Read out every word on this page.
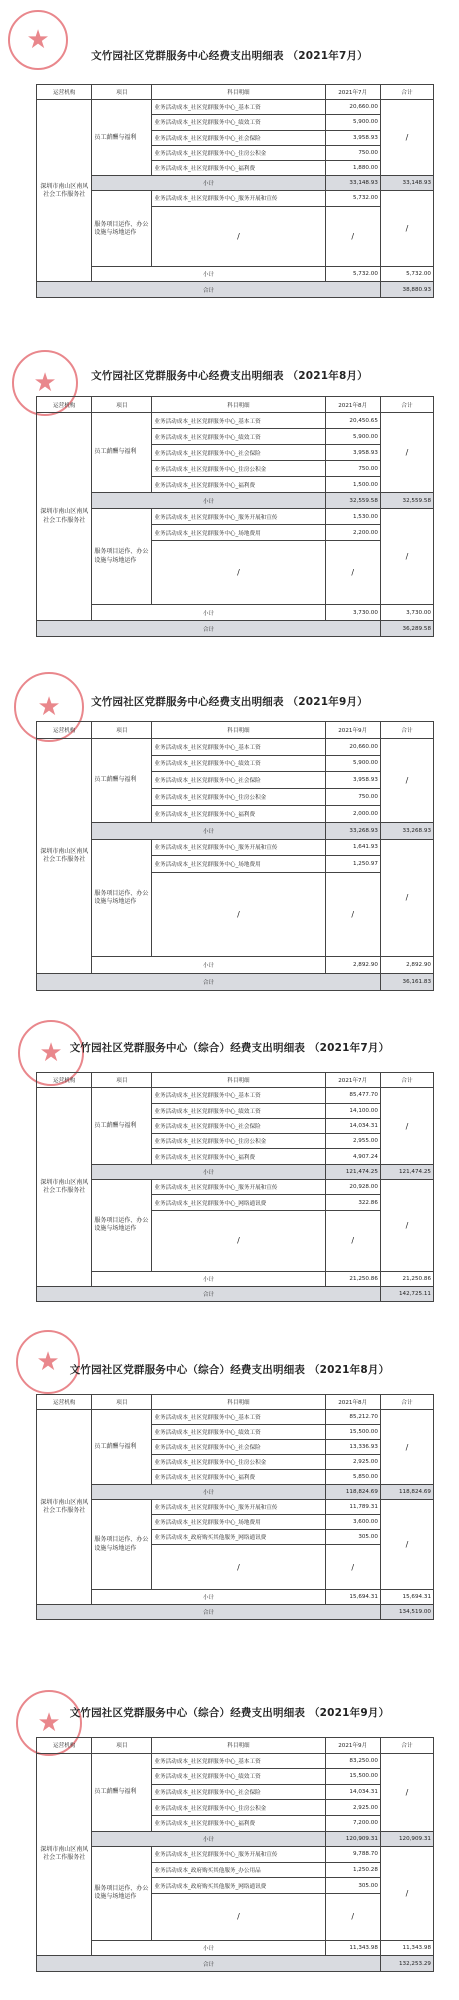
★
文竹园社区党群服务中心经费支出明细表 （2021年7月）
运营机构	项目	科目明细	2021年7月	合计
深圳市南山区南风社会工作服务社	员工薪酬与福利	业务活动成本_社区党群服务中心_基本工资	20,660.00	/
		业务活动成本_社区党群服务中心_绩效工资	5,900.00	
		业务活动成本_社区党群服务中心_社会保险	3,958.93	
		业务活动成本_社区党群服务中心_住房公积金	750.00	
		业务活动成本_社区党群服务中心_福利费	1,880.00	
	小计		33,148.93	33,148.93
	服务项目运作、办公设施与场地运作	业务活动成本_社区党群服务中心_服务开展和宣传	5,732.00	/
		/	/	

	小计		5,732.00	5,732.00
合计				38,880.93
★	文竹园社区党群服务中心经费支出明细表 （2021年8月）
运营机构	项目	科目明细	2021年8月	合计
深圳市南山区南风社会工作服务社	员工薪酬与福利	业务活动成本_社区党群服务中心_基本工资	20,450.65	/
		业务活动成本_社区党群服务中心_绩效工资	5,900.00	
		业务活动成本_社区党群服务中心_社会保险	3,958.93	
		业务活动成本_社区党群服务中心_住房公积金	750.00	
		业务活动成本_社区党群服务中心_福利费	1,500.00	
	小计		32,559.58	32,559.58
	服务项目运作、办公设施与场地运作	业务活动成本_社区党群服务中心_服务开展和宣传	1,530.00	/
		业务活动成本_社区党群服务中心_场地费用	2,200.00	
		/	/	

	小计		3,730.00	3,730.00
合计				36,289.58
★	文竹园社区党群服务中心经费支出明细表 （2021年9月）
运营机构	项目	科目明细	2021年9月	合计
深圳市南山区南风社会工作服务社	员工薪酬与福利	业务活动成本_社区党群服务中心_基本工资	20,660.00	/
		业务活动成本_社区党群服务中心_绩效工资	5,900.00	
		业务活动成本_社区党群服务中心_社会保险	3,958.93	
		业务活动成本_社区党群服务中心_住房公积金	750.00	
		业务活动成本_社区党群服务中心_福利费	2,000.00	
	小计		33,268.93	33,268.93
	服务项目运作、办公设施与场地运作	业务活动成本_社区党群服务中心_服务开展和宣传	1,641.93	/
		业务活动成本_社区党群服务中心_场地费用	1,250.97	
		/	/	

	小计		2,892.90	2,892.90
合计				36,161.83
★ 文竹园社区党群服务中心（综合）经费支出明细表 （2021年7月）
运营机构	项目	科目明细	2021年7月	合计
深圳市南山区南风社会工作服务社	员工薪酬与福利	业务活动成本_社区党群服务中心_基本工资	85,477.70	/
		业务活动成本_社区党群服务中心_绩效工资	14,100.00	
		业务活动成本_社区党群服务中心_社会保险	14,034.31	
		业务活动成本_社区党群服务中心_住房公积金	2,955.00	
		业务活动成本_社区党群服务中心_福利费	4,907.24	
	小计		121,474.25	121,474.25
	服务项目运作、办公设施与场地运作	业务活动成本_社区党群服务中心_服务开展和宣传	20,928.00	/
		业务活动成本_社区党群服务中心_网络通讯费	322.86	
		/	/	

	小计		21,250.86	21,250.86
合计				142,725.11
★ 文竹园社区党群服务中心（综合）经费支出明细表 （2021年8月）
运营机构	项目	科目明细	2021年8月	合计
深圳市南山区南风社会工作服务社	员工薪酬与福利	业务活动成本_社区党群服务中心_基本工资	85,212.70	/
		业务活动成本_社区党群服务中心_绩效工资	15,500.00	
		业务活动成本_社区党群服务中心_社会保险	13,336.93	
		业务活动成本_社区党群服务中心_住房公积金	2,925.00	
		业务活动成本_社区党群服务中心_福利费	5,850.00	
	小计		118,824.69	118,824.69
	服务项目运作、办公设施与场地运作	业务活动成本_社区党群服务中心_服务开展和宣传	11,789.31	/
		业务活动成本_社区党群服务中心_场地费用	3,600.00	
		业务活动成本_政府购买其他服务_网络通讯费	305.00	
		/	/	

	小计		15,694.31	15,694.31
合计				134,519.00
★ 文竹园社区党群服务中心（综合）经费支出明细表 （2021年9月）
运营机构	项目	科目明细	2021年9月	合计
深圳市南山区南风社会工作服务社	员工薪酬与福利	业务活动成本_社区党群服务中心_基本工资	83,250.00	/
		业务活动成本_社区党群服务中心_绩效工资	15,500.00	
		业务活动成本_社区党群服务中心_社会保险	14,034.31	
		业务活动成本_社区党群服务中心_住房公积金	2,925.00	
		业务活动成本_社区党群服务中心_福利费	7,200.00	
	小计		120,909.31	120,909.31
	服务项目运作、办公设施与场地运作	业务活动成本_社区党群服务中心_服务开展和宣传	9,788.70	/
		业务活动成本_政府购买其他服务_办公用品	1,250.28	
		业务活动成本_政府购买其他服务_网络通讯费	305.00	
		/	/	

	小计		11,343.98	11,343.98
合计				132,253.29
